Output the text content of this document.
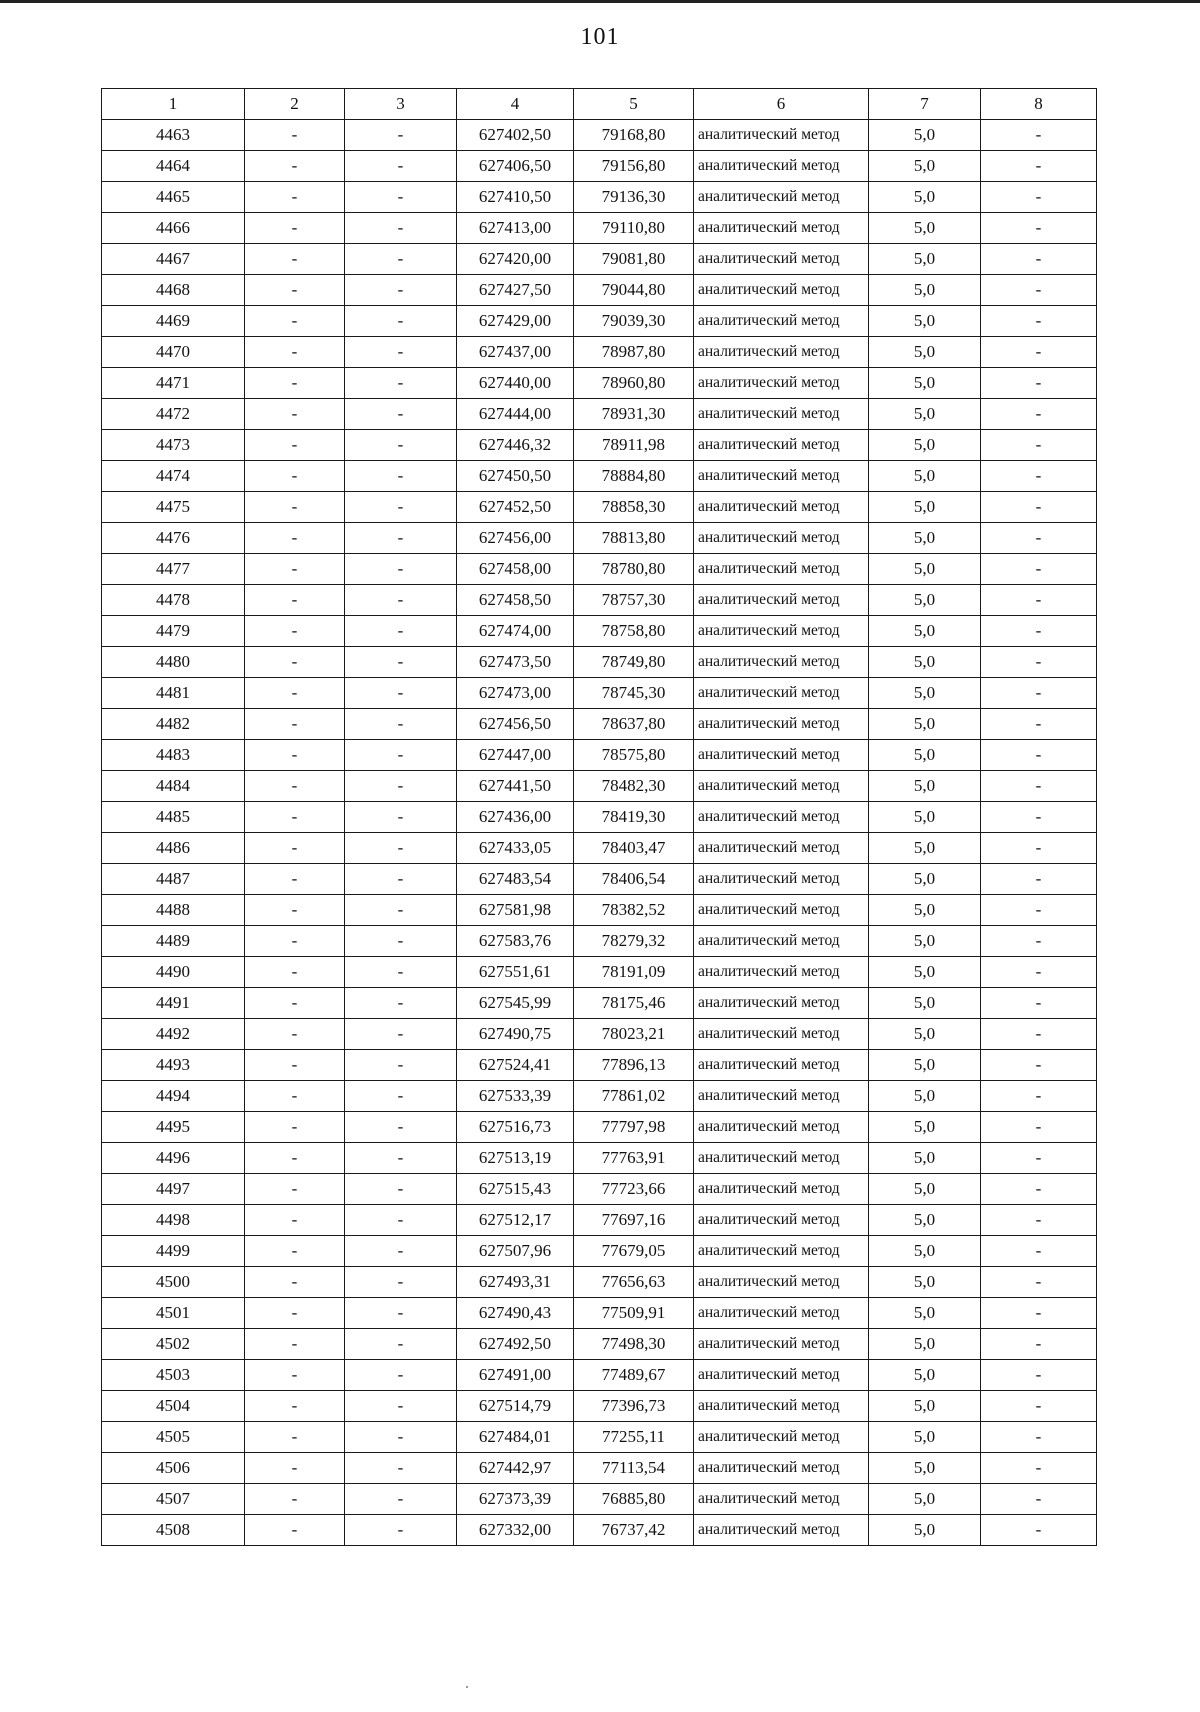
101
1	2	3	4	5	6	7	8
4463	-	-	627402,50	79168,80	аналитический метод	5,0	-
4464	-	-	627406,50	79156,80	аналитический метод	5,0	-
4465	-	-	627410,50	79136,30	аналитический метод	5,0	-
4466	-	-	627413,00	79110,80	аналитический метод	5,0	-
4467	-	-	627420,00	79081,80	аналитический метод	5,0	-
4468	-	-	627427,50	79044,80	аналитический метод	5,0	-
4469	-	-	627429,00	79039,30	аналитический метод	5,0	-
4470	-	-	627437,00	78987,80	аналитический метод	5,0	-
4471	-	-	627440,00	78960,80	аналитический метод	5,0	-
4472	-	-	627444,00	78931,30	аналитический метод	5,0	-
4473	-	-	627446,32	78911,98	аналитический метод	5,0	-
4474	-	-	627450,50	78884,80	аналитический метод	5,0	-
4475	-	-	627452,50	78858,30	аналитический метод	5,0	-
4476	-	-	627456,00	78813,80	аналитический метод	5,0	-
4477	-	-	627458,00	78780,80	аналитический метод	5,0	-
4478	-	-	627458,50	78757,30	аналитический метод	5,0	-
4479	-	-	627474,00	78758,80	аналитический метод	5,0	-
4480	-	-	627473,50	78749,80	аналитический метод	5,0	-
4481	-	-	627473,00	78745,30	аналитический метод	5,0	-
4482	-	-	627456,50	78637,80	аналитический метод	5,0	-
4483	-	-	627447,00	78575,80	аналитический метод	5,0	-
4484	-	-	627441,50	78482,30	аналитический метод	5,0	-
4485	-	-	627436,00	78419,30	аналитический метод	5,0	-
4486	-	-	627433,05	78403,47	аналитический метод	5,0	-
4487	-	-	627483,54	78406,54	аналитический метод	5,0	-
4488	-	-	627581,98	78382,52	аналитический метод	5,0	-
4489	-	-	627583,76	78279,32	аналитический метод	5,0	-
4490	-	-	627551,61	78191,09	аналитический метод	5,0	-
4491	-	-	627545,99	78175,46	аналитический метод	5,0	-
4492	-	-	627490,75	78023,21	аналитический метод	5,0	-
4493	-	-	627524,41	77896,13	аналитический метод	5,0	-
4494	-	-	627533,39	77861,02	аналитический метод	5,0	-
4495	-	-	627516,73	77797,98	аналитический метод	5,0	-
4496	-	-	627513,19	77763,91	аналитический метод	5,0	-
4497	-	-	627515,43	77723,66	аналитический метод	5,0	-
4498	-	-	627512,17	77697,16	аналитический метод	5,0	-
4499	-	-	627507,96	77679,05	аналитический метод	5,0	-
4500	-	-	627493,31	77656,63	аналитический метод	5,0	-
4501	-	-	627490,43	77509,91	аналитический метод	5,0	-
4502	-	-	627492,50	77498,30	аналитический метод	5,0	-
4503	-	-	627491,00	77489,67	аналитический метод	5,0	-
4504	-	-	627514,79	77396,73	аналитический метод	5,0	-
4505	-	-	627484,01	77255,11	аналитический метод	5,0	-
4506	-	-	627442,97	77113,54	аналитический метод	5,0	-
4507	-	-	627373,39	76885,80	аналитический метод	5,0	-
4508	-	-	627332,00	76737,42	аналитический метод	5,0	-
